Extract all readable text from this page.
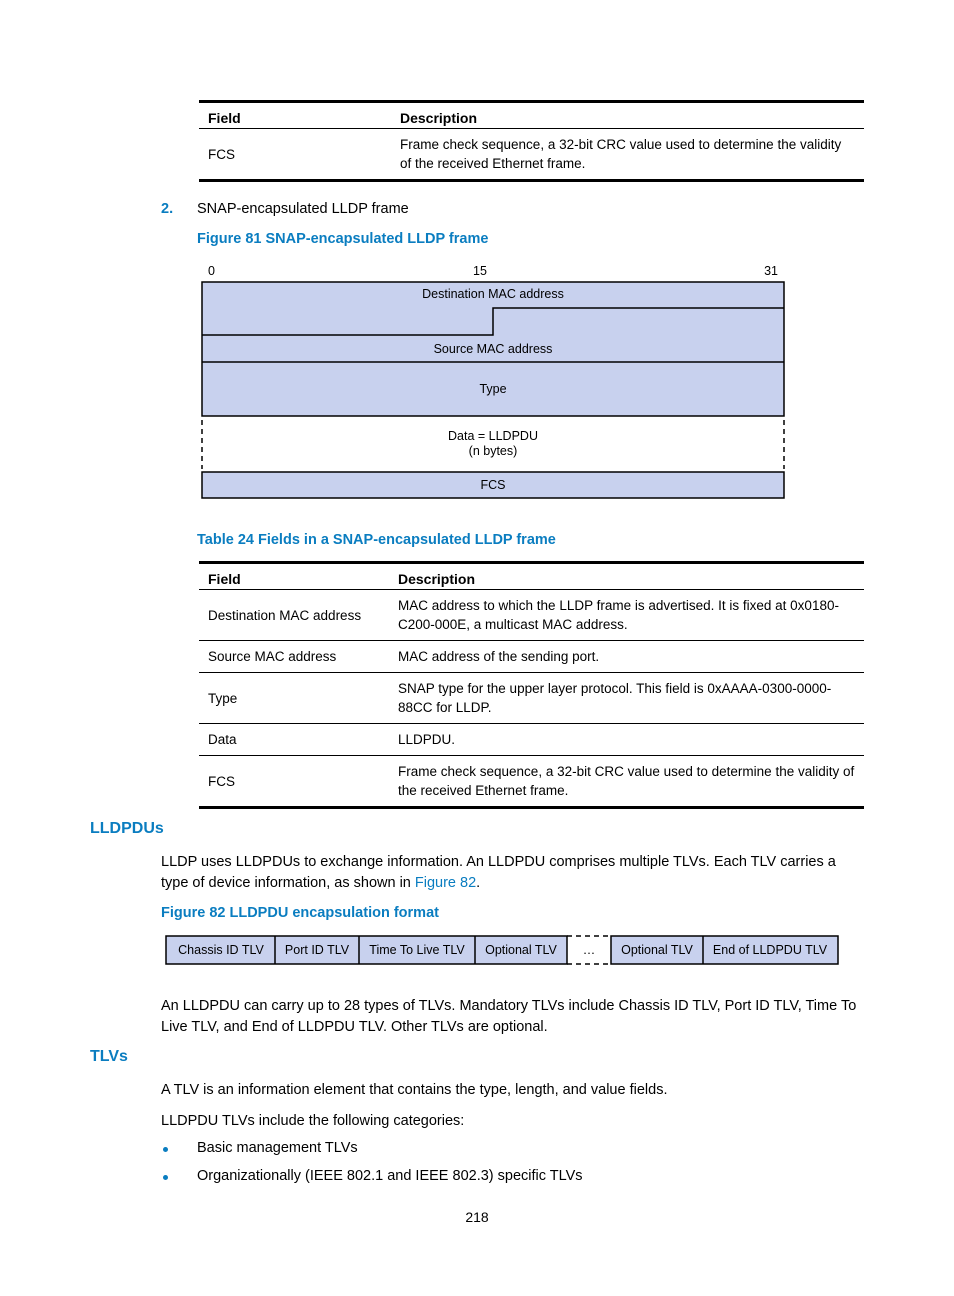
Field	Description
FCS	Frame check sequence, a 32-bit CRC value used to determine the validity of the received Ethernet frame.
2. SNAP-encapsulated LLDP frame
Figure 81 SNAP-encapsulated LLDP frame
0	15	31
Destination MAC address
Source MAC address
Type
Data = LLDPDU
(n bytes)
FCS
Table 24 Fields in a SNAP-encapsulated LLDP frame
Field	Description
Destination MAC address	MAC address to which the LLDP frame is advertised. It is fixed at 0x0180-C200-000E, a multicast MAC address.
Source MAC address	MAC address of the sending port.
Type	SNAP type for the upper layer protocol. This field is 0xAAAA-0300-0000-88CC for LLDP.
Data	LLDPDU.
FCS	Frame check sequence, a 32-bit CRC value used to determine the validity of the received Ethernet frame.
LLDPDUs
LLDP uses LLDPDUs to exchange information. An LLDPDU comprises multiple TLVs. Each TLV carries a type of device information, as shown in Figure 82.
Figure 82 LLDPDU encapsulation format
Chassis ID TLV Port ID TLV Time To Live TLV Optional TLV … Optional TLV End of LLDPDU TLV
An LLDPDU can carry up to 28 types of TLVs. Mandatory TLVs include Chassis ID TLV, Port ID TLV, Time To Live TLV, and End of LLDPDU TLV. Other TLVs are optional.
TLVs
A TLV is an information element that contains the type, length, and value fields.
LLDPDU TLVs include the following categories:
Basic management TLVs
Organizationally (IEEE 802.1 and IEEE 802.3) specific TLVs
218
